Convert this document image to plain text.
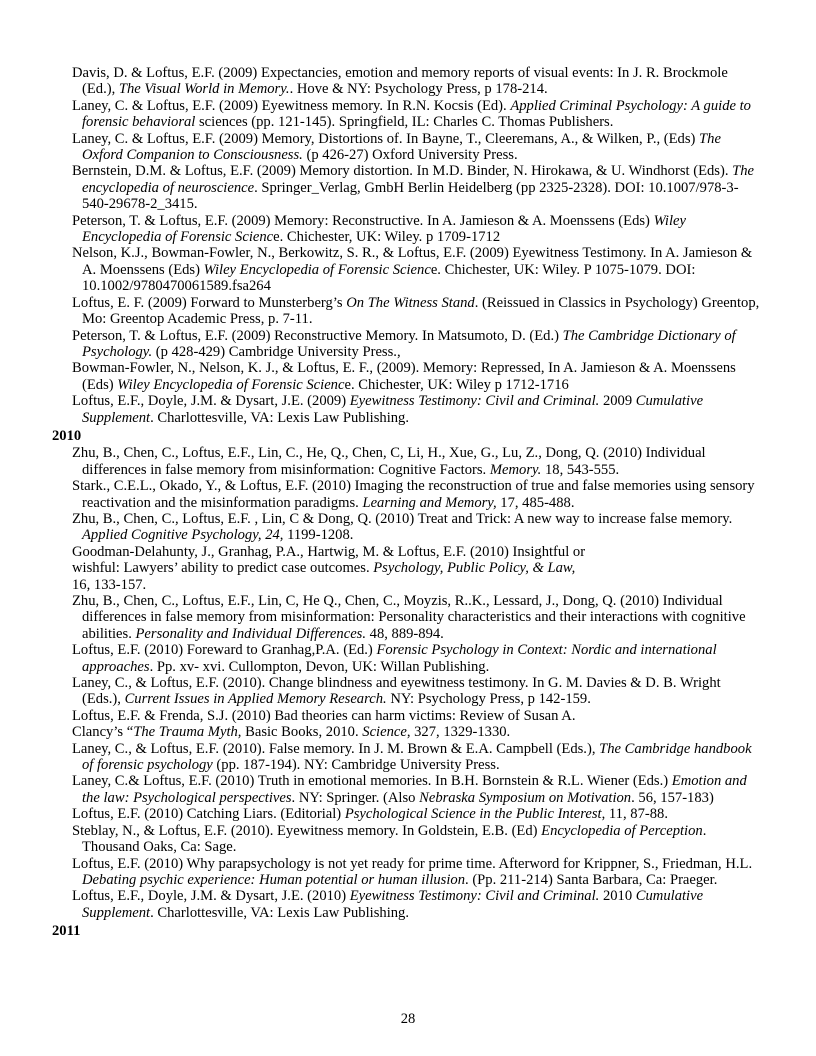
Davis, D. & Loftus, E.F. (2009) Expectancies, emotion and memory reports of visual events: In J. R. Brockmole (Ed.), The Visual World in Memory.. Hove & NY: Psychology Press, p 178-214.
Laney, C. & Loftus, E.F. (2009) Eyewitness memory. In R.N. Kocsis (Ed). Applied Criminal Psychology: A guide to forensic behavioral sciences (pp. 121-145). Springfield, IL: Charles C. Thomas Publishers.
Laney, C. & Loftus, E.F. (2009) Memory, Distortions of. In Bayne, T., Cleeremans, A., & Wilken, P., (Eds) The Oxford Companion to Consciousness. (p 426-27) Oxford University Press.
Bernstein, D.M. & Loftus, E.F. (2009) Memory distortion. In M.D. Binder, N. Hirokawa, & U. Windhorst (Eds). The encyclopedia of neuroscience. Springer_Verlag, GmbH Berlin Heidelberg (pp 2325-2328). DOI: 10.1007/978-3-540-29678-2_3415.
Peterson, T. & Loftus, E.F. (2009) Memory: Reconstructive. In A. Jamieson & A. Moenssens (Eds) Wiley Encyclopedia of Forensic Science. Chichester, UK: Wiley. p 1709-1712
Nelson, K.J., Bowman-Fowler, N., Berkowitz, S. R., & Loftus, E.F. (2009) Eyewitness Testimony. In A. Jamieson & A. Moenssens (Eds) Wiley Encyclopedia of Forensic Science. Chichester, UK: Wiley. P 1075-1079. DOI: 10.1002/9780470061589.fsa264
Loftus, E. F. (2009) Forward to Munsterberg’s On The Witness Stand. (Reissued in Classics in Psychology) Greentop, Mo: Greentop Academic Press, p. 7-11.
Peterson, T. & Loftus, E.F. (2009) Reconstructive Memory. In Matsumoto, D. (Ed.) The Cambridge Dictionary of Psychology. (p 428-429) Cambridge University Press.,
Bowman-Fowler, N., Nelson, K. J., & Loftus, E. F., (2009). Memory: Repressed, In A. Jamieson & A. Moenssens (Eds) Wiley Encyclopedia of Forensic Science. Chichester, UK: Wiley p 1712-1716
Loftus, E.F., Doyle, J.M. & Dysart, J.E. (2009) Eyewitness Testimony: Civil and Criminal. 2009 Cumulative Supplement. Charlottesville, VA: Lexis Law Publishing.
2010
Zhu, B., Chen, C., Loftus, E.F., Lin, C., He, Q., Chen, C, Li, H., Xue, G., Lu, Z., Dong, Q. (2010) Individual differences in false memory from misinformation: Cognitive Factors. Memory. 18, 543-555.
Stark., C.E.L., Okado, Y., & Loftus, E.F. (2010) Imaging the reconstruction of true and false memories using sensory reactivation and the misinformation paradigms. Learning and Memory, 17, 485-488.
Zhu, B., Chen, C., Loftus, E.F. , Lin, C & Dong, Q. (2010) Treat and Trick: A new way to increase false memory. Applied Cognitive Psychology, 24, 1199-1208.
Goodman-Delahunty, J., Granhag, P.A., Hartwig, M. & Loftus, E.F. (2010) Insightful or
wishful: Lawyers’ ability to predict case outcomes. Psychology, Public Policy, & Law,
16, 133-157.
Zhu, B., Chen, C., Loftus, E.F., Lin, C, He Q., Chen, C., Moyzis, R..K., Lessard, J., Dong, Q. (2010) Individual differences in false memory from misinformation: Personality characteristics and their interactions with cognitive abilities. Personality and Individual Differences. 48, 889-894.
Loftus, E.F. (2010) Foreward to Granhag,P.A. (Ed.) Forensic Psychology in Context: Nordic and international approaches. Pp. xv- xvi. Cullompton, Devon, UK: Willan Publishing.
Laney, C., & Loftus, E.F. (2010). Change blindness and eyewitness testimony. In G. M. Davies & D. B. Wright (Eds.), Current Issues in Applied Memory Research. NY: Psychology Press, p 142-159.
Loftus, E.F. & Frenda, S.J. (2010) Bad theories can harm victims: Review of Susan A.
Clancy’s “The Trauma Myth, Basic Books, 2010. Science, 327, 1329-1330.
Laney, C., & Loftus, E.F. (2010). False memory. In J. M. Brown & E.A. Campbell (Eds.), The Cambridge handbook of forensic psychology (pp. 187-194). NY: Cambridge University Press.
Laney, C.& Loftus, E.F. (2010) Truth in emotional memories. In B.H. Bornstein & R.L. Wiener (Eds.) Emotion and the law: Psychological perspectives. NY: Springer. (Also Nebraska Symposium on Motivation. 56, 157-183)
Loftus, E.F. (2010) Catching Liars. (Editorial) Psychological Science in the Public Interest, 11, 87-88.
Steblay, N., & Loftus, E.F. (2010). Eyewitness memory. In Goldstein, E.B. (Ed) Encyclopedia of Perception. Thousand Oaks, Ca: Sage.
Loftus, E.F. (2010) Why parapsychology is not yet ready for prime time. Afterword for Krippner, S., Friedman, H.L. Debating psychic experience: Human potential or human illusion. (Pp. 211-214) Santa Barbara, Ca: Praeger.
Loftus, E.F., Doyle, J.M. & Dysart, J.E. (2010) Eyewitness Testimony: Civil and Criminal. 2010 Cumulative Supplement. Charlottesville, VA: Lexis Law Publishing.
2011
28
